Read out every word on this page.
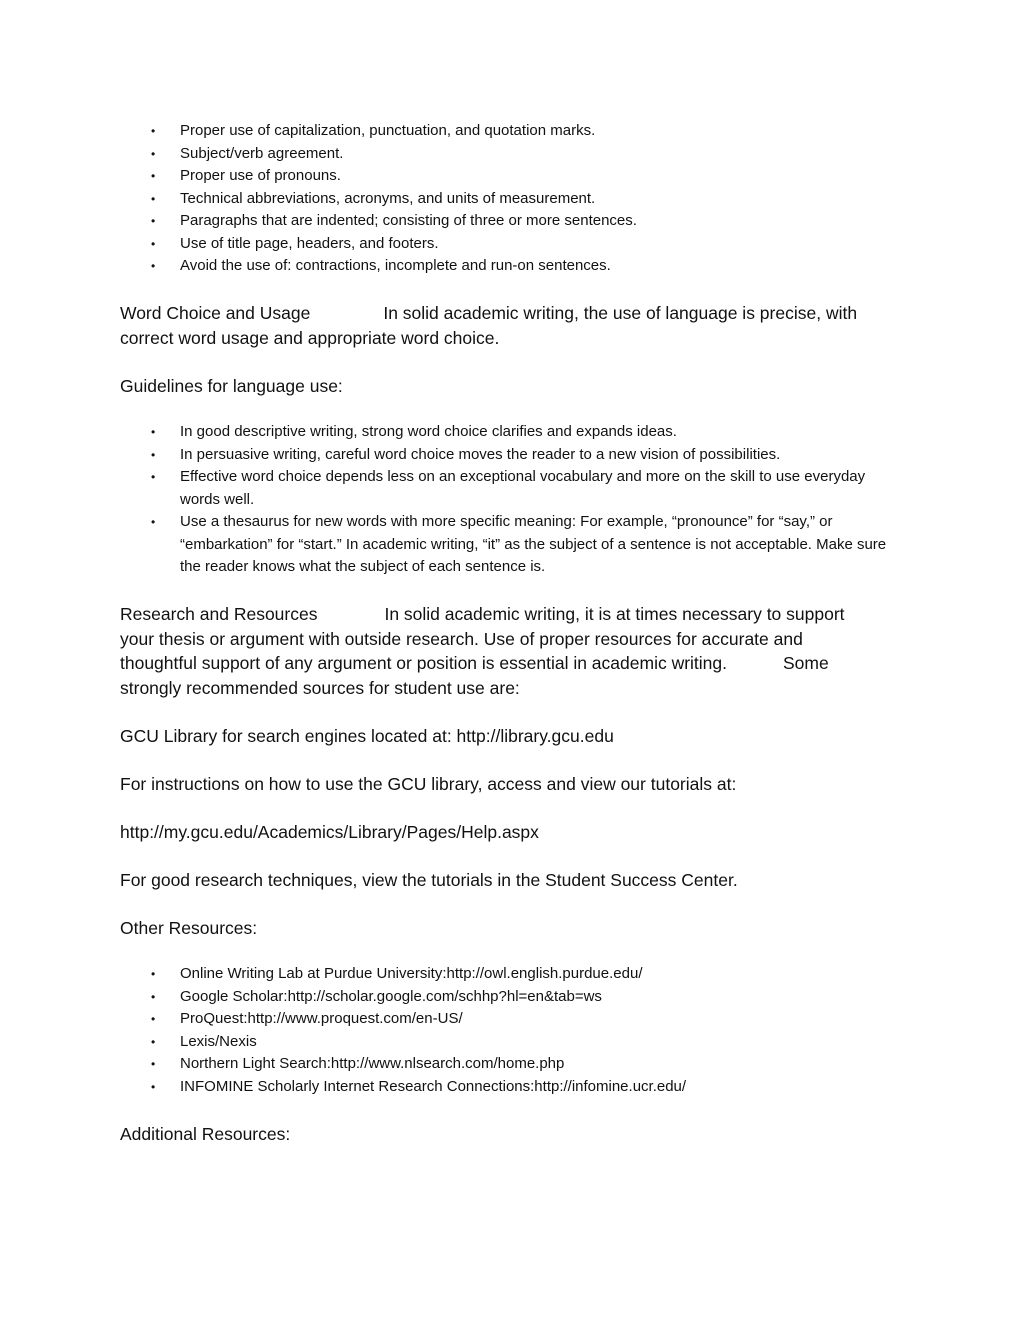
• Proper use of capitalization, punctuation, and quotation marks.
• Subject/verb agreement.
• Proper use of pronouns.
• Technical abbreviations, acronyms, and units of measurement.
• Paragraphs that are indented; consisting of three or more sentences.
• Use of title page, headers, and footers.
• Avoid the use of: contractions, incomplete and run-on sentences.

Word Choice and Usage	In solid academic writing, the use of language is precise, with
correct word usage and appropriate word choice.

Guidelines for language use:

• In good descriptive writing, strong word choice clarifies and expands ideas.
• In persuasive writing, careful word choice moves the reader to a new vision of possibilities.
• Effective word choice depends less on an exceptional vocabulary and more on the skill to use everyday words well.
• Use a thesaurus for new words with more specific meaning: For example, “pronounce” for “say,” or “embarkation” for “start.” In academic writing, “it” as the subject of a sentence is not acceptable. Make sure the reader knows what the subject of each sentence is.

Research and Resources	In solid academic writing, it is at times necessary to support
your thesis or argument with outside research. Use of proper resources for accurate and
thoughtful support of any argument or position is essential in academic writing.	Some
strongly recommended sources for student use are:

GCU Library for search engines located at: http://library.gcu.edu

For instructions on how to use the GCU library, access and view our tutorials at:

http://my.gcu.edu/Academics/Library/Pages/Help.aspx

For good research techniques, view the tutorials in the Student Success Center.

Other Resources:

• Online Writing Lab at Purdue University:http://owl.english.purdue.edu/
• Google Scholar:http://scholar.google.com/schhp?hl=en&tab=ws
• ProQuest:http://www.proquest.com/en-US/
• Lexis/Nexis
• Northern Light Search:http://www.nlsearch.com/home.php
• INFOMINE Scholarly Internet Research Connections:http://infomine.ucr.edu/

Additional Resources:
